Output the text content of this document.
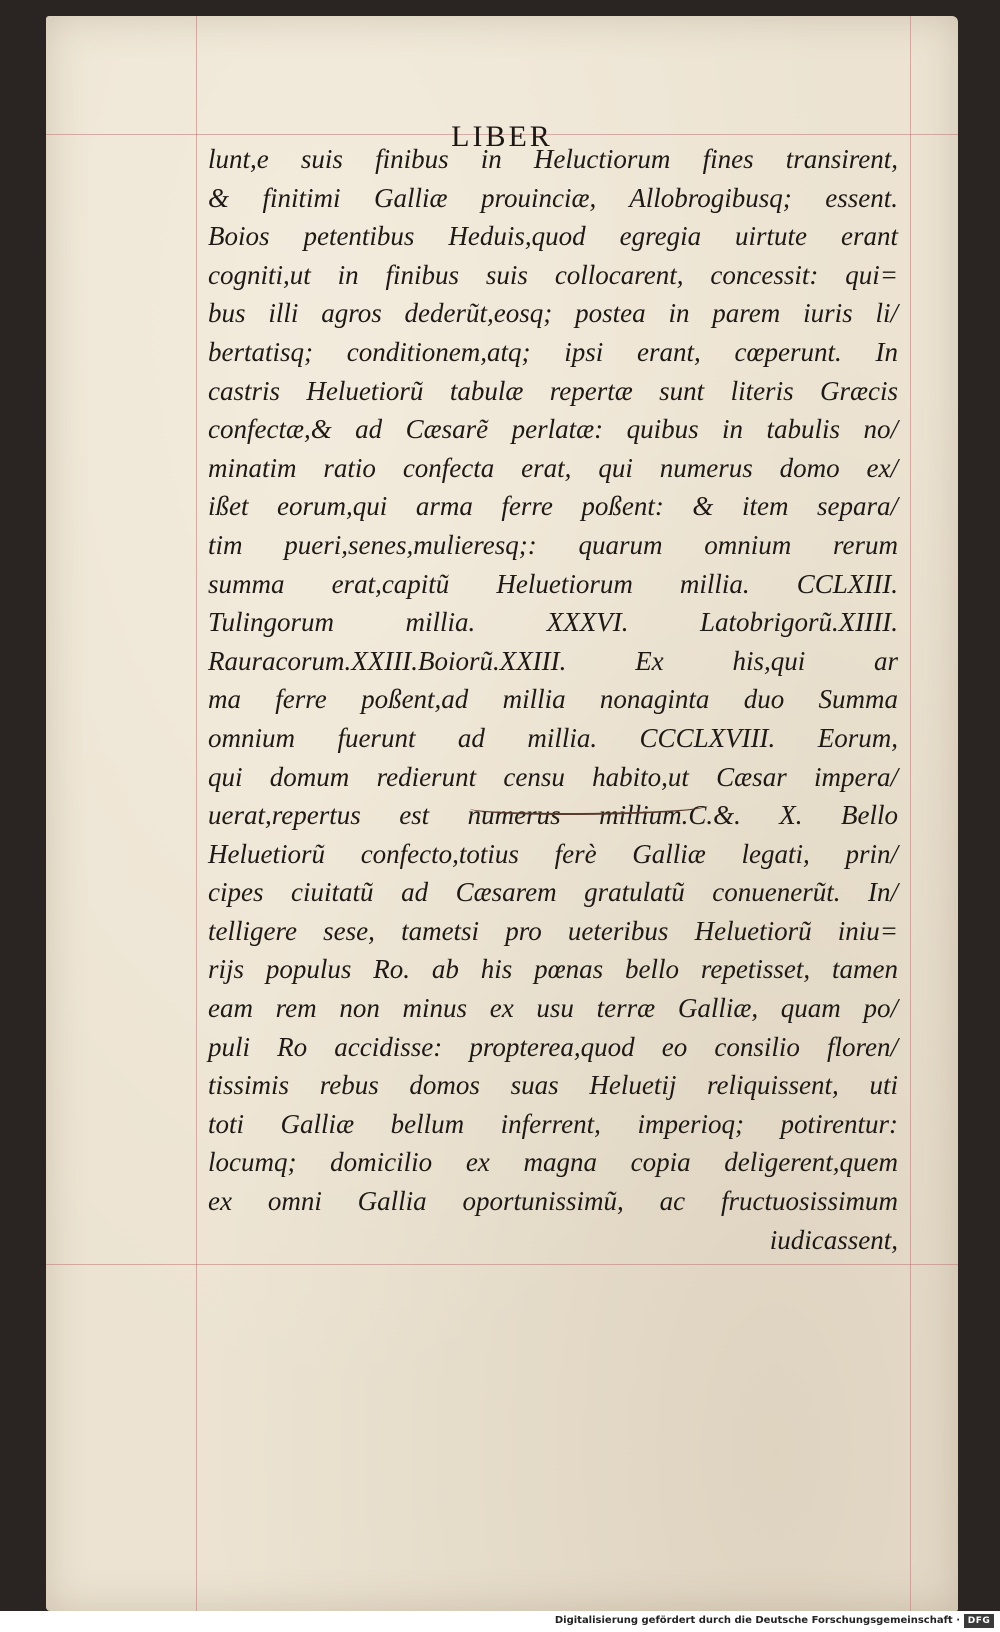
LIBER
lunt,e suis finibus in Heluctiorum fines transirent,
& finitimi Galliæ prouinciæ, Allobrogibusq; essent.
Boios petentibus Heduis,quod egregia uirtute erant
cogniti,ut in finibus suis collocarent, concessit: qui=
bus illi agros dederũt,eosq; postea in parem iuris li/
bertatisq; conditionem,atq; ipsi erant, cœperunt. In
castris Heluetiorũ tabulæ repertæ sunt literis Græcis
confectæ,& ad Cæsarẽ perlatæ: quibus in tabulis no/
minatim ratio confecta erat, qui numerus domo ex/
ißet eorum,qui arma ferre poßent: & item separa/
tim pueri,senes,mulieresq;: quarum omnium rerum
summa erat,capitũ Heluetiorum millia. CCLXIII.
Tulingorum millia. XXXVI. Latobrigorũ.XIIII.
Rauracorum.XXIII.Boiorũ.XXIII. Ex his,qui ar
ma ferre poßent,ad millia nonaginta duo Summa
omnium fuerunt ad millia. CCCLXVIII. Eorum,
qui domum redierunt censu habito,ut Cæsar impera/
uerat,repertus est numerus millium.C.&. X. Bello
Heluetiorũ confecto,totius ferè Galliæ legati, prin/
cipes ciuitatũ ad Cæsarem gratulatũ conuenerũt. In/
telligere sese, tametsi pro ueteribus Heluetiorũ iniu=
rijs populus Ro. ab his pœnas bello repetisset, tamen
eam rem non minus ex usu terræ Galliæ, quam po/
puli Ro accidisse: propterea,quod eo consilio floren/
tissimis rebus domos suas Heluetij reliquissent, uti
toti Galliæ bellum inferrent, imperioq; potirentur:
locumq; domicilio ex magna copia deligerent,quem
ex omni Gallia oportunissimũ, ac fructuosissimum
iudicassent,
Digitalisierung gefördert durch die Deutsche Forschungsgemeinschaft · DFG
